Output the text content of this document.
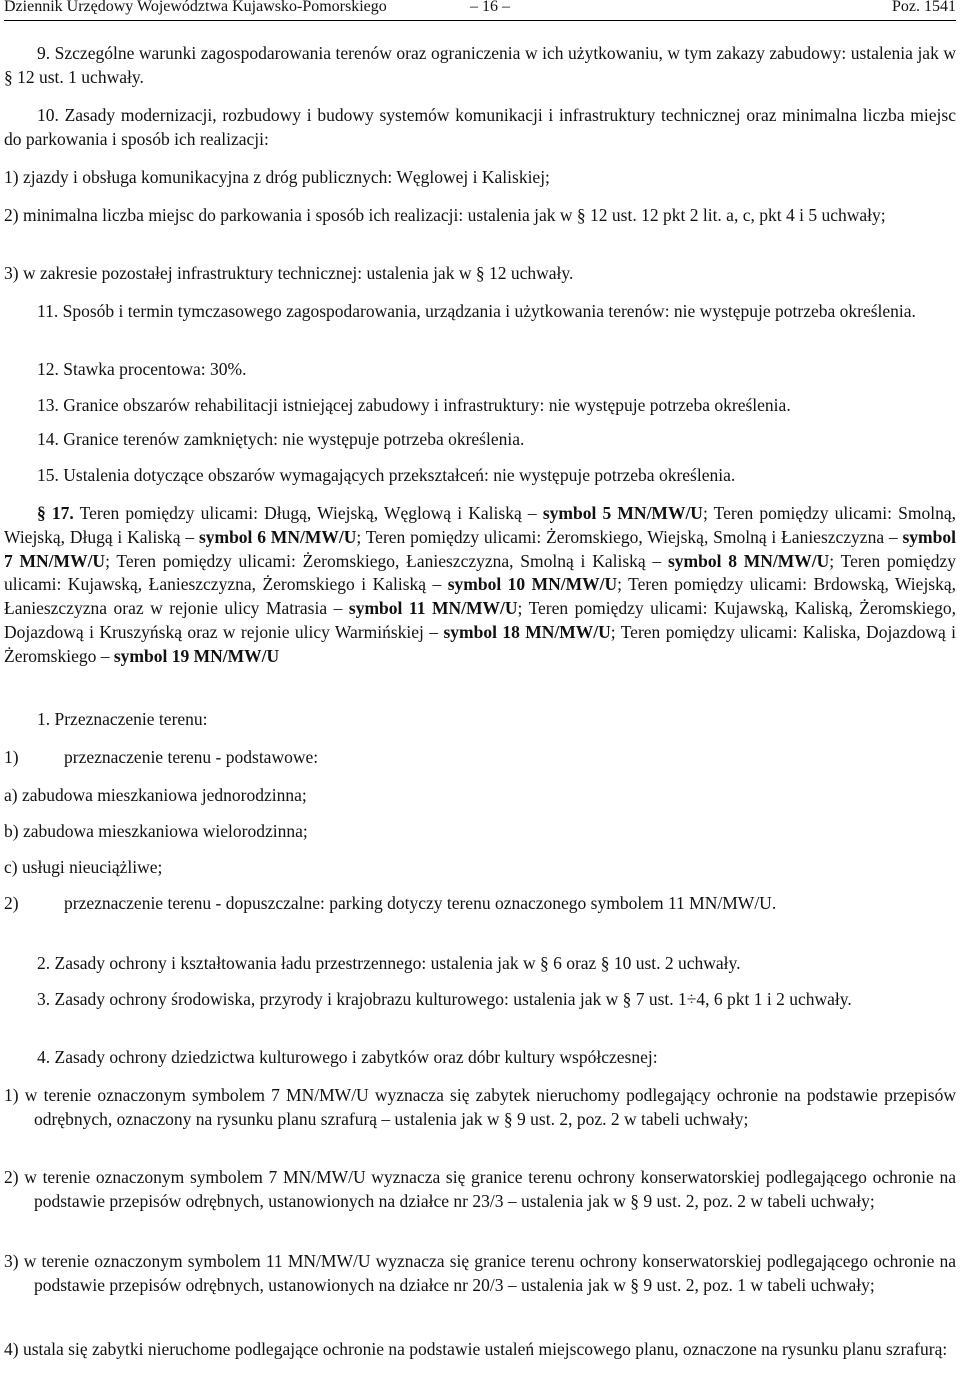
Dziennik Urzędowy Województwa Kujawsko-Pomorskiego	– 16 –	Poz. 1541

9. Szczególne warunki zagospodarowania terenów oraz ograniczenia w ich użytkowaniu, w tym zakazy zabudowy: ustalenia jak w § 12 ust. 1 uchwały.

10. Zasady modernizacji, rozbudowy i budowy systemów komunikacji i infrastruktury technicznej oraz minimalna liczba miejsc do parkowania i sposób ich realizacji:

1) zjazdy i obsługa komunikacyjna z dróg publicznych: Węglowej i Kaliskiej;

2) minimalna liczba miejsc do parkowania i sposób ich realizacji: ustalenia jak w § 12 ust. 12 pkt 2 lit. a, c, pkt 4 i 5 uchwały;

3) w zakresie pozostałej infrastruktury technicznej: ustalenia jak w § 12 uchwały.

11. Sposób i termin tymczasowego zagospodarowania, urządzania i użytkowania terenów: nie występuje potrzeba określenia.

12. Stawka procentowa: 30%.

13. Granice obszarów rehabilitacji istniejącej zabudowy i infrastruktury: nie występuje potrzeba określenia.

14. Granice terenów zamkniętych: nie występuje potrzeba określenia.

15. Ustalenia dotyczące obszarów wymagających przekształceń: nie występuje potrzeba określenia.

§ 17. Teren pomiędzy ulicami: Długą, Wiejską, Węglową i Kaliską – symbol 5 MN/MW/U; Teren pomiędzy ulicami: Smolną, Wiejską, Długą i Kaliską – symbol 6 MN/MW/U; Teren pomiędzy ulicami: Żeromskiego, Wiejską, Smolną i Łanieszczyzna – symbol 7 MN/MW/U; Teren pomiędzy ulicami: Żeromskiego, Łanieszczyzna, Smolną i Kaliską – symbol 8 MN/MW/U; Teren pomiędzy ulicami: Kujawską, Łanieszczyzna, Żeromskiego i Kaliską – symbol 10 MN/MW/U; Teren pomiędzy ulicami: Brdowską, Wiejską, Łanieszczyzna oraz w rejonie ulicy Matrasia – symbol 11 MN/MW/U; Teren pomiędzy ulicami: Kujawską, Kaliską, Żeromskiego, Dojazdową i Kruszyńską oraz w rejonie ulicy Warmińskiej – symbol 18 MN/MW/U; Teren pomiędzy ulicami: Kaliska, Dojazdową i Żeromskiego – symbol 19 MN/MW/U

1. Przeznaczenie terenu:

1)	przeznaczenie terenu - podstawowe:

a) zabudowa mieszkaniowa jednorodzinna;

b) zabudowa mieszkaniowa wielorodzinna;

c) usługi nieuciążliwe;

2)	przeznaczenie terenu - dopuszczalne: parking dotyczy terenu oznaczonego symbolem 11 MN/MW/U.

2. Zasady ochrony i kształtowania ładu przestrzennego: ustalenia jak w § 6 oraz § 10 ust. 2 uchwały.

3. Zasady ochrony środowiska, przyrody i krajobrazu kulturowego: ustalenia jak w § 7 ust. 1÷4, 6 pkt 1 i 2 uchwały.

4. Zasady ochrony dziedzictwa kulturowego i zabytków oraz dóbr kultury współczesnej:

1) w terenie oznaczonym symbolem 7 MN/MW/U wyznacza się zabytek nieruchomy podlegający ochronie na podstawie przepisów odrębnych, oznaczony na rysunku planu szrafurą – ustalenia jak w § 9 ust. 2, poz. 2 w tabeli uchwały;

2) w terenie oznaczonym symbolem 7 MN/MW/U wyznacza się granice terenu ochrony konserwatorskiej podlegającego ochronie na podstawie przepisów odrębnych, ustanowionych na działce nr 23/3 – ustalenia jak w § 9 ust. 2, poz. 2 w tabeli uchwały;

3) w terenie oznaczonym symbolem 11 MN/MW/U wyznacza się granice terenu ochrony konserwatorskiej podlegającego ochronie na podstawie przepisów odrębnych, ustanowionych na działce nr 20/3 – ustalenia jak w § 9 ust. 2, poz. 1 w tabeli uchwały;

4) ustala się zabytki nieruchome podlegające ochronie na podstawie ustaleń miejscowego planu, oznaczone na rysunku planu szrafurą:
